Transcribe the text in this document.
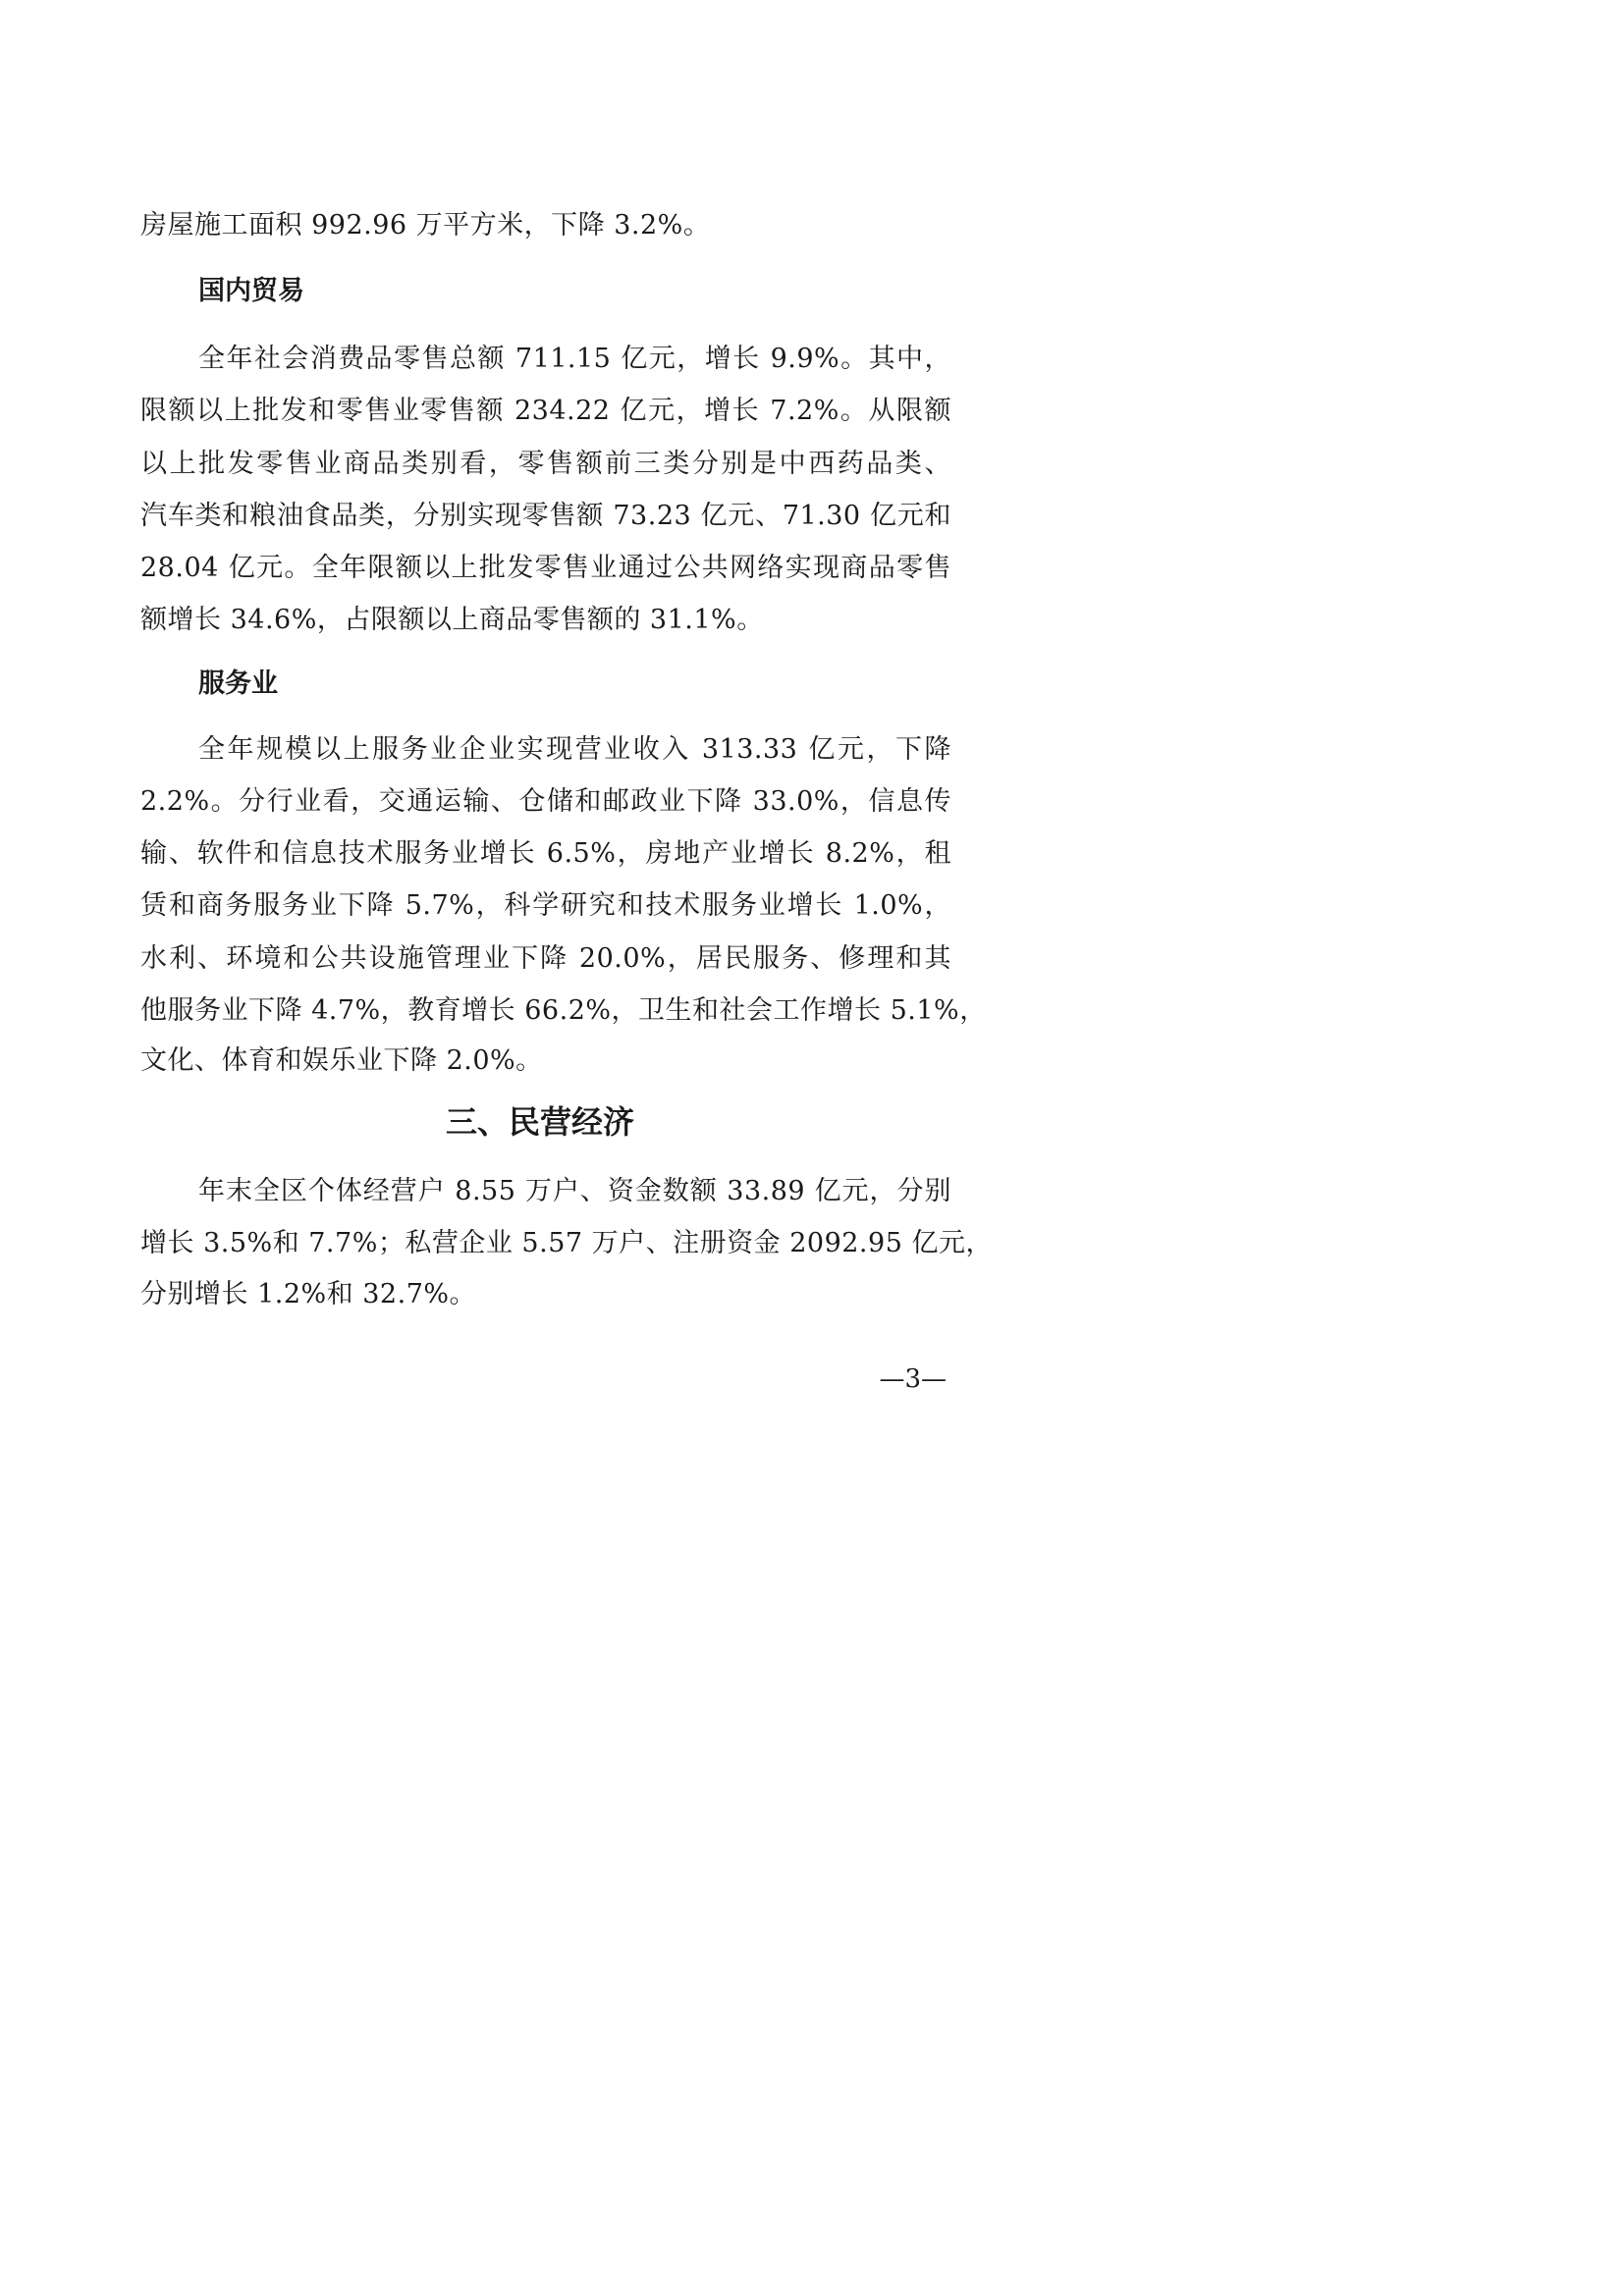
房屋施工面积 992.96 万平方米，下降 3.2%。
国内贸易
全年社会消费品零售总额 711.15 亿元，增长 9.9%。其中，
限额以上批发和零售业零售额 234.22 亿元，增长 7.2%。从限额
以上批发零售业商品类别看，零售额前三类分别是中西药品类、
汽车类和粮油食品类，分别实现零售额 73.23 亿元、71.30 亿元和
28.04 亿元。全年限额以上批发零售业通过公共网络实现商品零售
额增长 34.6%，占限额以上商品零售额的 31.1%。
服务业
全年规模以上服务业企业实现营业收入 313.33 亿元，下降
2.2%。分行业看，交通运输、仓储和邮政业下降 33.0%，信息传
输、软件和信息技术服务业增长 6.5%，房地产业增长 8.2%，租
赁和商务服务业下降 5.7%，科学研究和技术服务业增长 1.0%，
水利、环境和公共设施管理业下降 20.0%，居民服务、修理和其
他服务业下降 4.7%，教育增长 66.2%，卫生和社会工作增长 5.1%，
文化、体育和娱乐业下降 2.0%。
三、民营经济
年末全区个体经营户 8.55 万户、资金数额 33.89 亿元，分别
增长 3.5%和 7.7%；私营企业 5.57 万户、注册资金 2092.95 亿元，
分别增长 1.2%和 32.7%。
—3—
